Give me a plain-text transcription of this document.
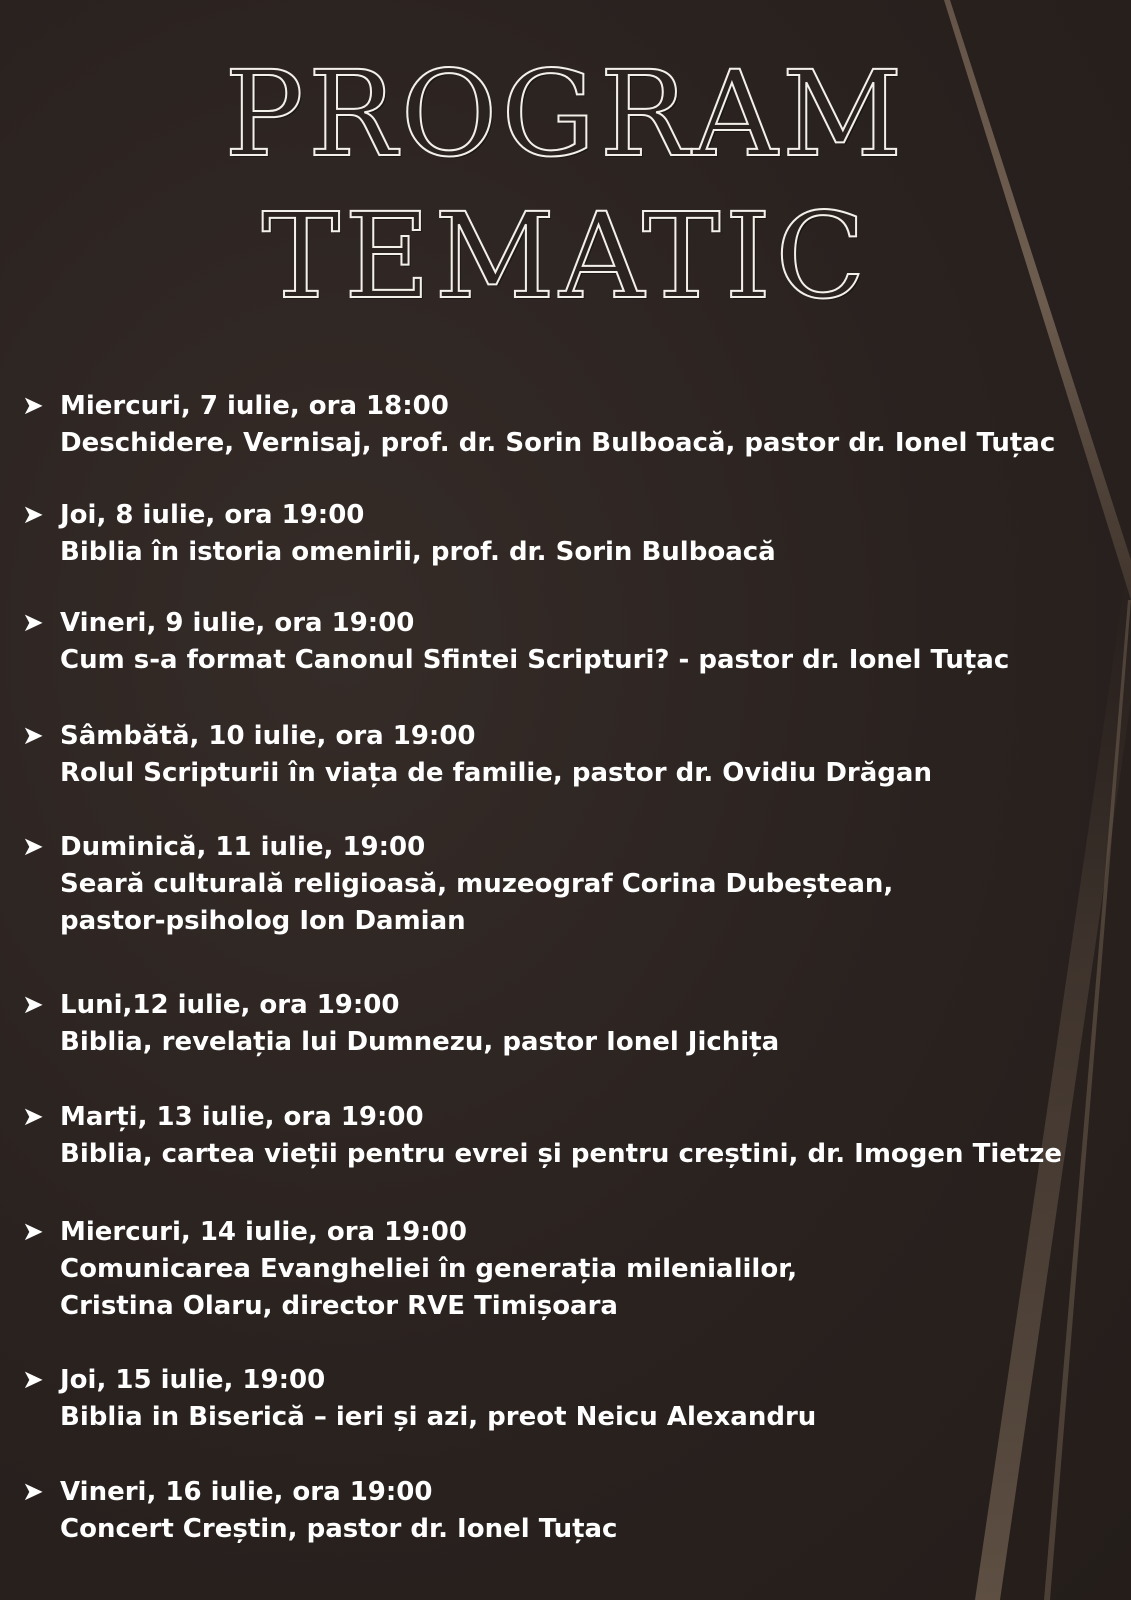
PROGRAM
TEMATIC
➤ Miercuri, 7 iulie, ora 18:00
Deschidere, Vernisaj, prof. dr. Sorin Bulboacă, pastor dr. Ionel Tuțac
➤ Joi, 8 iulie, ora 19:00
Biblia în istoria omenirii, prof. dr. Sorin Bulboacă
➤ Vineri, 9 iulie, ora 19:00
Cum s-a format Canonul Sfintei Scripturi? - pastor dr. Ionel Tuțac
➤ Sâmbătă, 10 iulie, ora 19:00
Rolul Scripturii în viața de familie, pastor dr. Ovidiu Drăgan
➤ Duminică, 11 iulie, 19:00
Seară culturală religioasă, muzeograf Corina Dubeștean,
pastor-psiholog Ion Damian
➤ Luni,12 iulie, ora 19:00
Biblia, revelația lui Dumnezu, pastor Ionel Jichița
➤ Marți, 13 iulie, ora 19:00
Biblia, cartea vieții pentru evrei și pentru creștini, dr. Imogen Tietze
➤ Miercuri, 14 iulie, ora 19:00
Comunicarea Evangheliei în generația milenialilor,
Cristina Olaru, director RVE Timișoara
➤ Joi, 15 iulie, 19:00
Biblia in Biserică – ieri și azi, preot Neicu Alexandru
➤ Vineri, 16 iulie, ora 19:00
Concert Creștin, pastor dr. Ionel Tuțac
